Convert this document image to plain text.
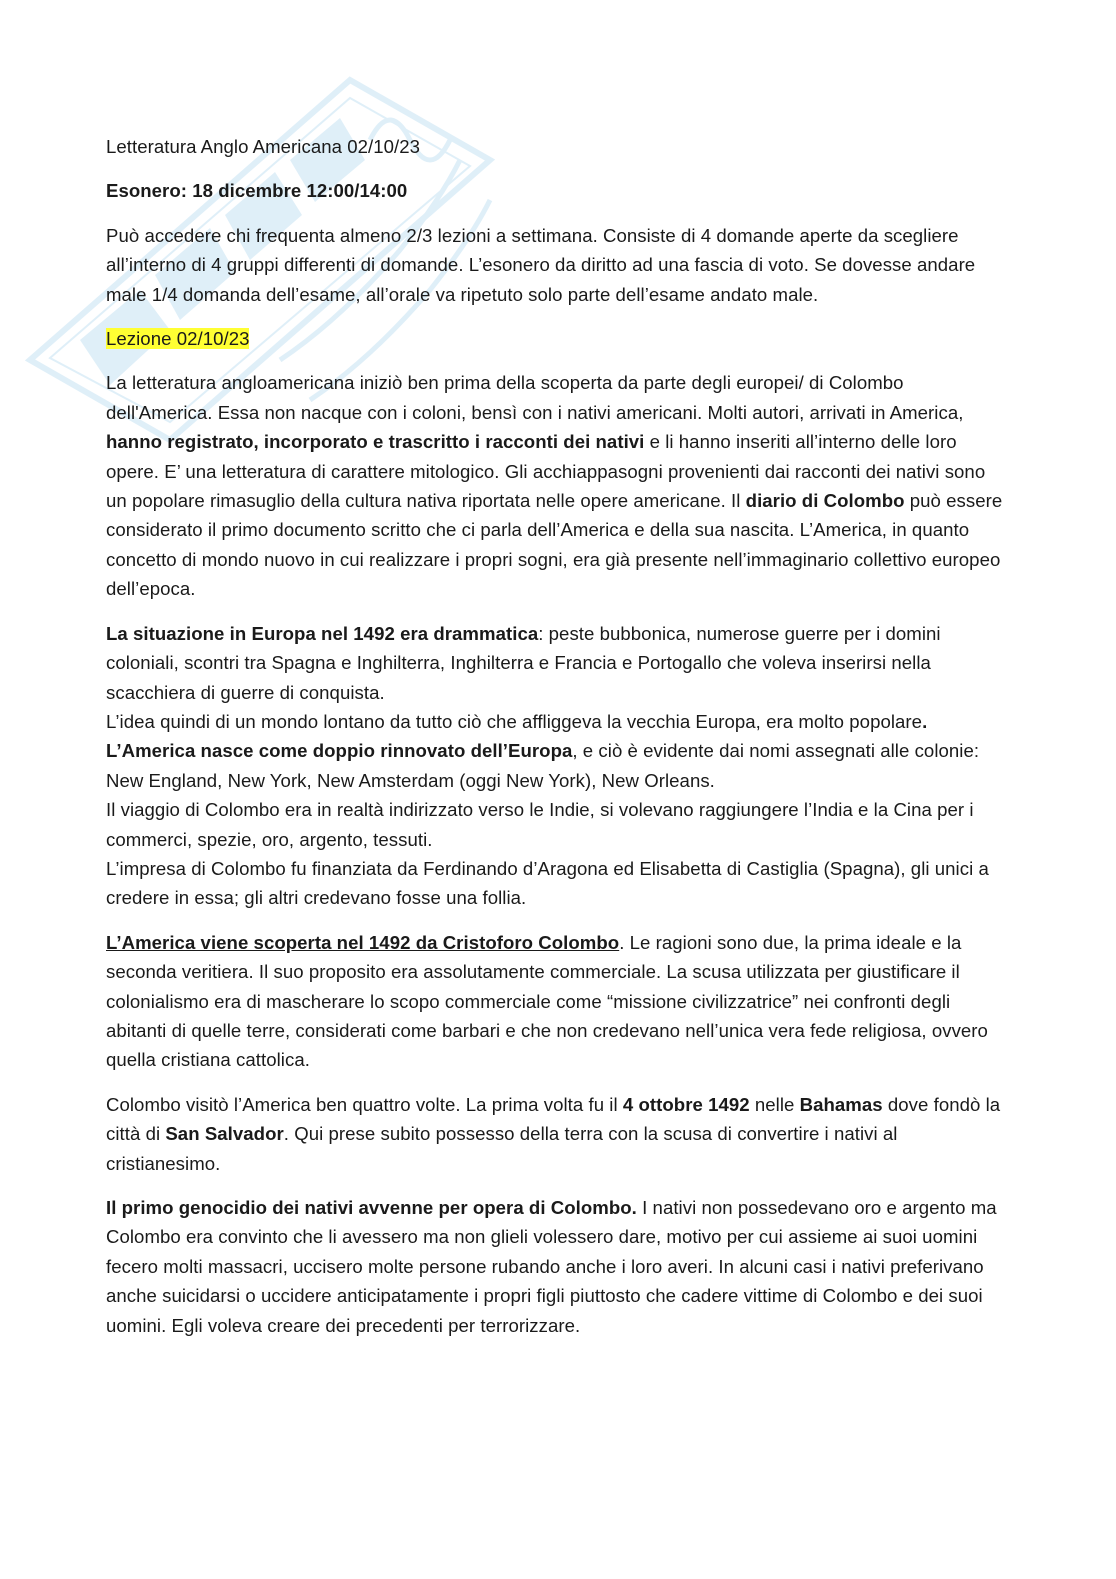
Letteratura Anglo Americana 02/10/23

Esonero: 18 dicembre 12:00/14:00

Può accedere chi frequenta almeno 2/3 lezioni a settimana. Consiste di 4 domande aperte da scegliere all’interno di 4 gruppi differenti di domande. L’esonero da diritto ad una fascia di voto. Se dovesse andare male 1/4 domanda dell’esame, all’orale va ripetuto solo parte dell’esame andato male.

Lezione 02/10/23

La letteratura angloamericana iniziò ben prima della scoperta da parte degli europei/ di Colombo dell'America. Essa non nacque con i coloni, bensì con i nativi americani. Molti autori, arrivati in America, hanno registrato, incorporato e trascritto i racconti dei nativi e li hanno inseriti all’interno delle loro opere. E’ una letteratura di carattere mitologico. Gli acchiappasogni provenienti dai racconti dei nativi sono un popolare rimasuglio della cultura nativa riportata nelle opere americane. Il diario di Colombo può essere considerato il primo documento scritto che ci parla dell’America e della sua nascita. L’America, in quanto concetto di mondo nuovo in cui realizzare i propri sogni, era già presente nell’immaginario collettivo europeo dell’epoca.

La situazione in Europa nel 1492 era drammatica: peste bubbonica, numerose guerre per i domini coloniali, scontri tra Spagna e Inghilterra, Inghilterra e Francia e Portogallo che voleva inserirsi nella scacchiera di guerre di conquista.
L’idea quindi di un mondo lontano da tutto ciò che affliggeva la vecchia Europa, era molto popolare.
L’America nasce come doppio rinnovato dell’Europa, e ciò è evidente dai nomi assegnati alle colonie: New England, New York, New Amsterdam (oggi New York), New Orleans.
Il viaggio di Colombo era in realtà indirizzato verso le Indie, si volevano raggiungere l’India e la Cina per i commerci, spezie, oro, argento, tessuti.
L’impresa di Colombo fu finanziata da Ferdinando d’Aragona ed Elisabetta di Castiglia (Spagna), gli unici a credere in essa; gli altri credevano fosse una follia.

L’America viene scoperta nel 1492 da Cristoforo Colombo. Le ragioni sono due, la prima ideale e la seconda veritiera. Il suo proposito era assolutamente commerciale. La scusa utilizzata per giustificare il colonialismo era di mascherare lo scopo commerciale come “missione civilizzatrice” nei confronti degli abitanti di quelle terre, considerati come barbari e che non credevano nell’unica vera fede religiosa, ovvero quella cristiana cattolica.

Colombo visitò l’America ben quattro volte. La prima volta fu il 4 ottobre 1492 nelle Bahamas dove fondò la città di San Salvador. Qui prese subito possesso della terra con la scusa di convertire i nativi al cristianesimo.

Il primo genocidio dei nativi avvenne per opera di Colombo. I nativi non possedevano oro e argento ma Colombo era convinto che li avessero ma non glieli volessero dare, motivo per cui assieme ai suoi uomini fecero molti massacri, uccisero molte persone rubando anche i loro averi. In alcuni casi i nativi preferivano anche suicidarsi o uccidere anticipatamente i propri figli piuttosto che cadere vittime di Colombo e dei suoi uomini. Egli voleva creare dei precedenti per terrorizzare.
